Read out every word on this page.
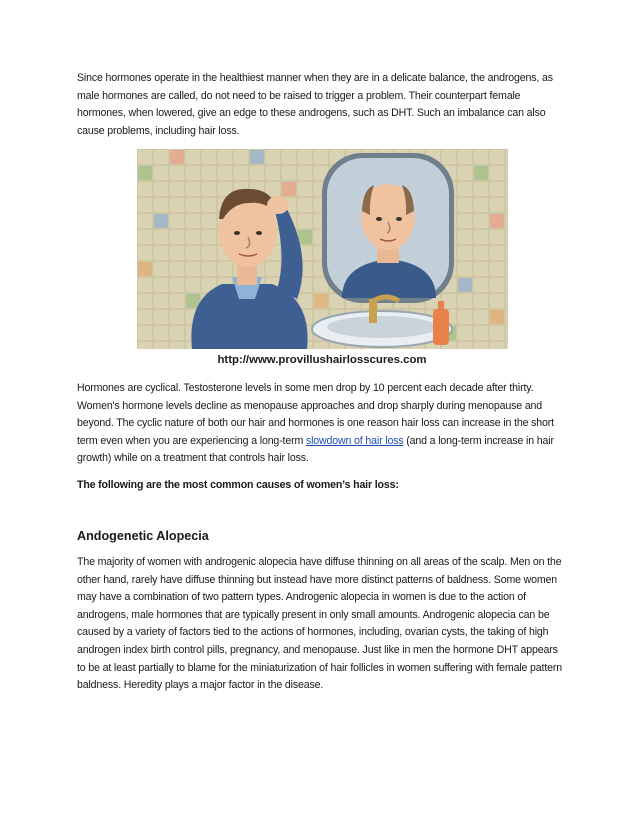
Since hormones operate in the healthiest manner when they are in a delicate balance, the androgens, as male hormones are called, do not need to be raised to trigger a problem. Their counterpart female hormones, when lowered, give an edge to these androgens, such as DHT. Such an imbalance can also cause problems, including hair loss.

http://www.provillushairlosscures.com

Hormones are cyclical. Testosterone levels in some men drop by 10 percent each decade after thirty. Women's hormone levels decline as menopause approaches and drop sharply during menopause and beyond. The cyclic nature of both our hair and hormones is one reason hair loss can increase in the short term even when you are experiencing a long-term slowdown of hair loss (and a long-term increase in hair growth) while on a treatment that controls hair loss.

The following are the most common causes of women’s hair loss:

Andogenetic Alopecia

The majority of women with androgenic alopecia have diffuse thinning on all areas of the scalp. Men on the other hand, rarely have diffuse thinning but instead have more distinct patterns of baldness. Some women may have a combination of two pattern types. Androgenic alopecia in women is due to the action of androgens, male hormones that are typically present in only small amounts. Androgenic alopecia can be caused by a variety of factors tied to the actions of hormones, including, ovarian cysts, the taking of high androgen index birth control pills, pregnancy, and menopause. Just like in men the hormone DHT appears to be at least partially to blame for the miniaturization of hair follicles in women suffering with female pattern baldness. Heredity plays a major factor in the disease.
